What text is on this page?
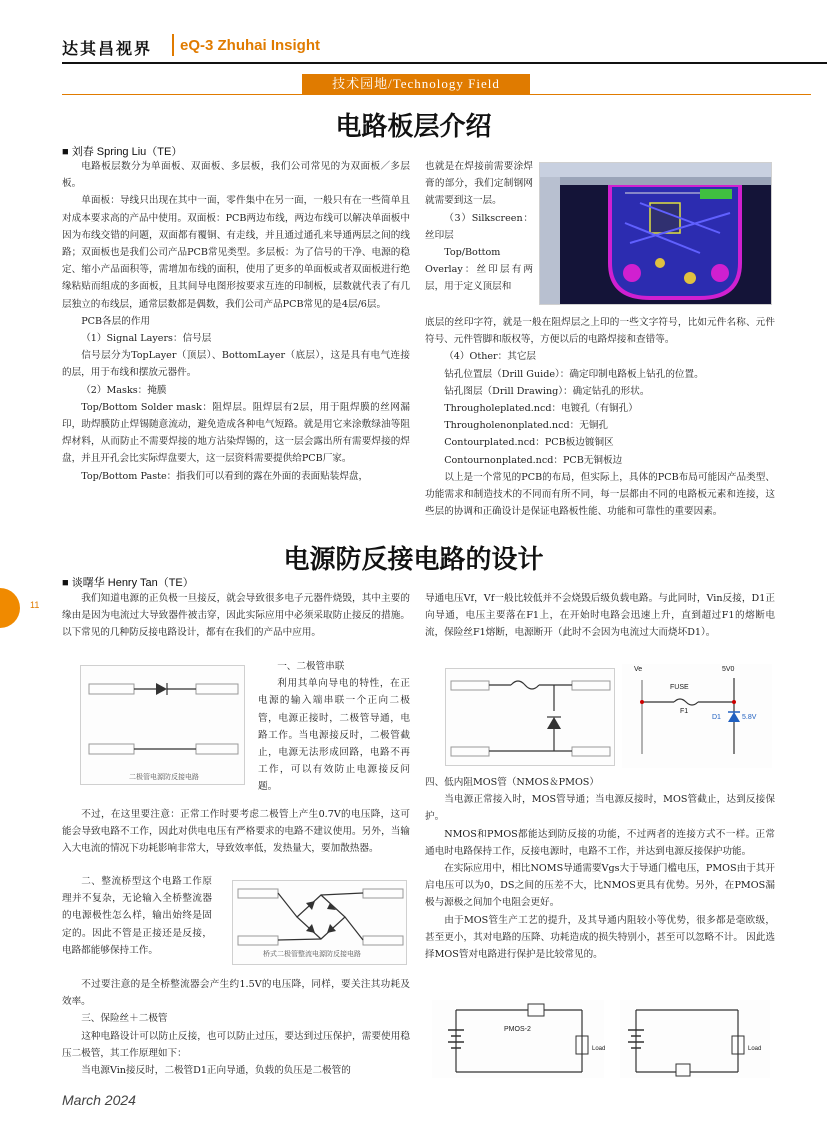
达其昌视界 eQ-3 Zhuhai Insight
技术园地/Technology Field
电路板层介绍
■ 刘春 Spring Liu（TE）

电路板层数分为单面板、双面板、多层板，我们公司常见的为双面板／多层板。

单面板：导线只出现在其中一面，零件集中在另一面，一般只有在一些简单且对成本要求高的产品中使用。双面板：PCB两边布线，两边布线可以解决单面板中因为布线交错的问题，双面都有覆铜、有走线，并且通过通孔来导通两层之间的线路；双面板也是我们公司产品PCB常见类型。多层板：为了信号的干净、电源的稳定、缩小产品面积等，需增加布线的面积，使用了更多的单面板或者双面板进行绝缘粘贴而组成的多面板，且其间导电图形按要求互连的印制板，层数就代表了有几层独立的布线层，通常层数都是偶数，我们公司产品PCB常见的是4层/6层。

PCB各层的作用

（1）Signal Layers：信号层

信号层分为TopLayer（顶层）、BottomLayer（底层），这是具有电气连接的层，用于布线和摆放元器件。

（2）Masks：掩膜

Top/Bottom Solder mask：阻焊层。阻焊层有2层，用于阻焊膜的丝网漏印，助焊膜防止焊锡随意流动，避免造成各种电气短路。就是用它来涂敷绿油等阻焊材料，从而防止不需要焊接的地方沾染焊锡的，这一层会露出所有需要焊接的焊盘，并且开孔会比实际焊盘要大，这一层资料需要提供给PCB厂家。

Top/Bottom Paste：指我们可以看到的露在外面的表面贴装焊盘，

也就是在焊接前需要涂焊膏的部分，我们定制钢网就需要到这一层。

（3）Silkscreen：丝印层

Top/Bottom Overlay：丝印层有两层，用于定义顶层和

底层的丝印字符，就是一般在阻焊层之上印的一些文字符号，比如元件名称、元件符号、元件管脚和版权等，方便以后的电路焊接和查错等。

（4）Other：其它层

钻孔位置层（Drill Guide）：确定印制电路板上钻孔的位置。

钻孔图层（Drill Drawing）：确定钻孔的形状。

Througholeplated.ncd：电镀孔（有铜孔）

Througholenonplated.ncd：无铜孔

Contourplated.ncd：PCB板边镀铜区

Contournonplated.ncd：PCB无铜板边

以上是一个常见的PCB的布局，但实际上，具体的PCB布局可能因产品类型、功能需求和制造技术的不同而有所不同，每一层都由不同的电路板元素和连接，这些层的协调和正确设计是保证电路板性能、功能和可靠性的重要因素。

电源防反接电路的设计
■ 谈曙华 Henry Tan（TE）

我们知道电源的正负极一旦接反，就会导致很多电子元器件烧毁，其中主要的缘由是因为电流过大导致器件被击穿，因此实际应用中必须采取防止接反的措施。以下常见的几种防反接电路设计，都有在我们的产品中应用。

二极管电源防反接电路

一、二极管串联

利用其单向导电的特性，在正电源的输入端串联一个正向二极管，电源正接时，二极管导通，电路工作。当电源接反时，二极管截止，电源无法形成回路，电路不再工作，可以有效防止电源接反问题。

不过，在这里要注意：正常工作时要考虑二极管上产生0.7V的电压降，这可能会导致电路不工作，因此对供电电压有严格要求的电路不建议使用。另外，当输入大电流的情况下功耗影响非常大，导致效率低，发热量大，要加散热器。

二、整流桥型这个电路工作原理并不复杂，无论输入全桥整流器的电源极性怎么样，输出始终是固定的。因此不管是正接还是反接，电路都能够保持工作。	桥式二极管整流电源防反接电路

不过要注意的是全桥整流器会产生约1.5V的电压降，同样，要关注其功耗及效率。

三、保险丝＋二极管

这种电路设计可以防止反接，也可以防止过压，要达到过压保护，需要使用稳压二极管，其工作原理如下：

当电源Vin接反时，二极管D1正向导通，负载的负压是二极管的

导通电压Vf，Vf一般比较低并不会烧毁后级负载电路。与此同时，Vin反接，D1正向导通，电压主要落在F1上，在开始时电路会迅速上升，直到超过F1的熔断电流，保险丝F1熔断，电源断开（此时不会因为电流过大而烧坏D1）。

Ve
FUSE
F1
5V0
D1	5.8V

四、低内阻MOS管（NMOS＆PMOS）

当电源正常接入时，MOS管导通；当电源反接时，MOS管截止，达到反接保护。

NMOS和PMOS都能达到防反接的功能，不过两者的连接方式不一样。正常通电时电路保持工作，反接电源时，电路不工作，并达到电源反接保护功能。

在实际应用中，相比NOMS导通需要Vgs大于导通门槛电压，PMOS由于其开启电压可以为0，DS之间的压差不大，比NMOS更具有优势。另外，在PMOS漏极与源极之间加个电阻会更好。

由于MOS管生产工艺的提升，及其导通内阻较小等优势，很多都是毫欧级，甚至更小，其对电路的压降、功耗造成的损失特别小，甚至可以忽略不计。 因此选择MOS管对电路进行保护是比较常见的。

PMOS-2
Load	Load
11
March 2024
